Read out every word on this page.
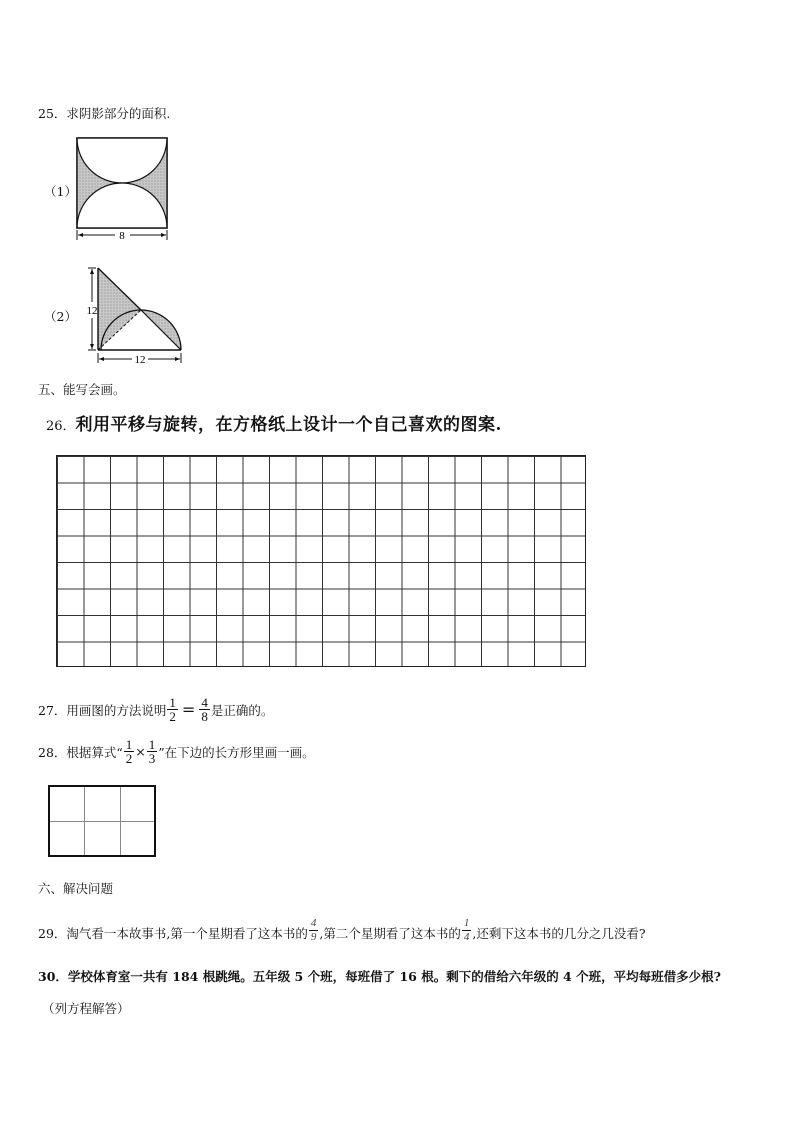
25．求阴影部分的面积.
（1）
8
（2） 12
12
五、能写会画。
26．利用平移与旋转，在方格纸上设计一个自己喜欢的图案.
27．用画图的方法说明 $\frac{1}{2} = \frac{4}{8}$ 是正确的。
28．根据算式“ $\frac{1}{2} \times \frac{1}{3}$ ”在下边的长方形里画一画。
六、解决问题
29．淘气看一本故事书,第一个星期看了这本书的 $\frac{4}{9}$ ,第二个星期看了这本书的 $\frac{1}{4}$ ,还剩下这本书的几分之几没看?
30．学校体育室一共有 184 根跳绳。五年级 5 个班，每班借了 16 根。剩下的借给六年级的 4 个班，平均每班借多少根?
（列方程解答）
